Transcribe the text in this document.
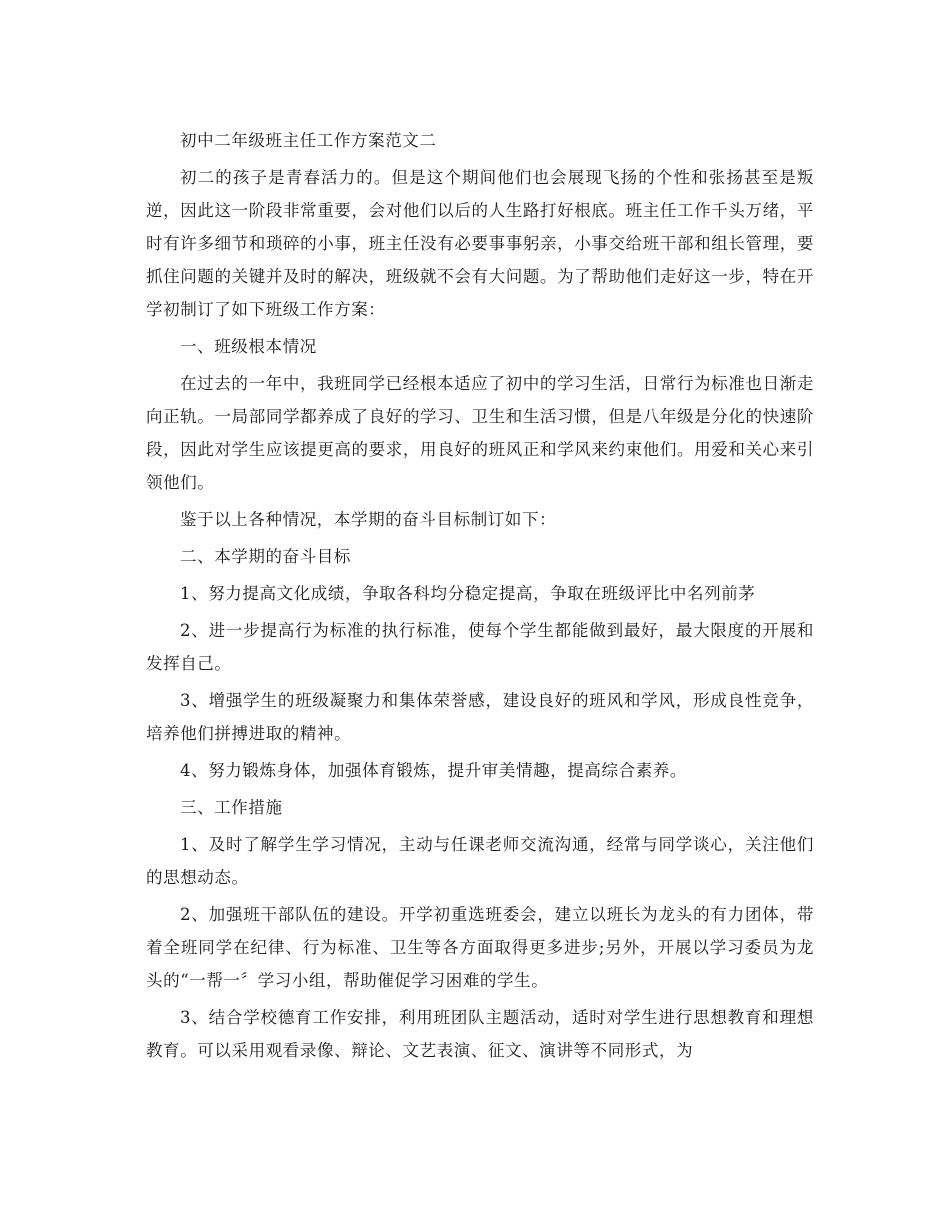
初中二年级班主任工作方案范文二

初二的孩子是青春活力的。但是这个期间他们也会展现飞扬的个性和张扬甚至是叛逆，因此这一阶段非常重要，会对他们以后的人生路打好根底。班主任工作千头万绪，平时有许多细节和琐碎的小事，班主任没有必要事事躬亲，小事交给班干部和组长管理，要抓住问题的关键并及时的解决，班级就不会有大问题。为了帮助他们走好这一步，特在开学初制订了如下班级工作方案：

一、班级根本情况

在过去的一年中，我班同学已经根本适应了初中的学习生活，日常行为标准也日渐走向正轨。一局部同学都养成了良好的学习、卫生和生活习惯，但是八年级是分化的快速阶段，因此对学生应该提更高的要求，用良好的班风正和学风来约束他们。用爱和关心来引领他们。

鉴于以上各种情况，本学期的奋斗目标制订如下：

二、本学期的奋斗目标

1、努力提高文化成绩，争取各科均分稳定提高，争取在班级评比中名列前茅

2、进一步提高行为标准的执行标准，使每个学生都能做到最好，最大限度的开展和发挥自己。

3、增强学生的班级凝聚力和集体荣誉感，建设良好的班风和学风，形成良性竞争，培养他们拼搏进取的精神。

4、努力锻炼身体，加强体育锻炼，提升审美情趣，提高综合素养。

三、工作措施

1、及时了解学生学习情况，主动与任课老师交流沟通，经常与同学谈心，关注他们的思想动态。

2、加强班干部队伍的建设。开学初重选班委会，建立以班长为龙头的有力团体，带着全班同学在纪律、行为标准、卫生等各方面取得更多进步;另外，开展以学习委员为龙头的“一帮一〞学习小组，帮助催促学习困难的学生。

3、结合学校德育工作安排，利用班团队主题活动，适时对学生进行思想教育和理想教育。可以采用观看录像、辩论、文艺表演、征文、演讲等不同形式，为
